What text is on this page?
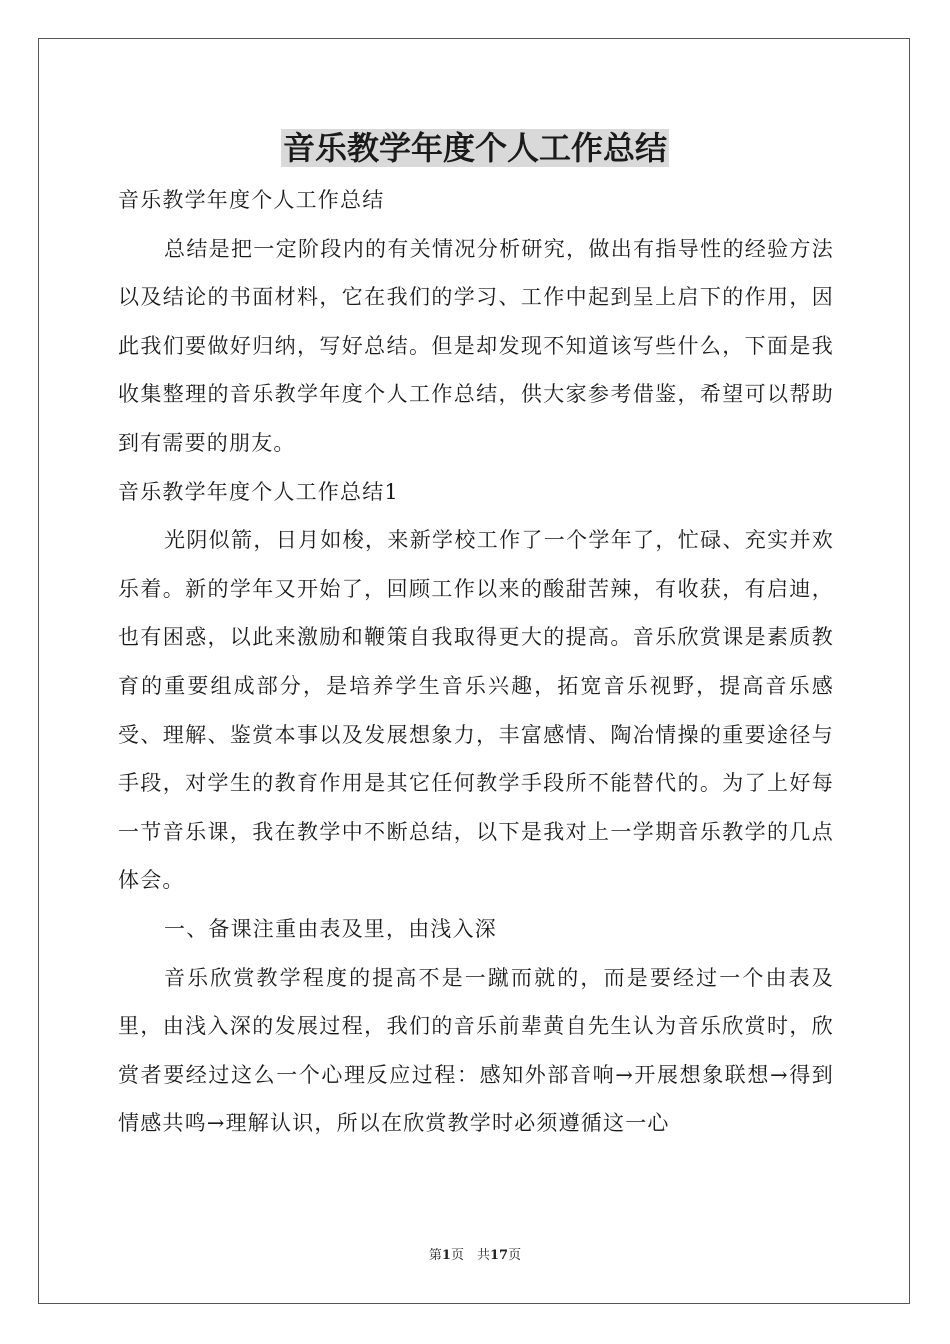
音乐教学年度个人工作总结

音乐教学年度个人工作总结

总结是把一定阶段内的有关情况分析研究，做出有指导性的经验方法以及结论的书面材料，它在我们的学习、工作中起到呈上启下的作用，因此我们要做好归纳，写好总结。但是却发现不知道该写些什么，下面是我收集整理的音乐教学年度个人工作总结，供大家参考借鉴，希望可以帮助到有需要的朋友。

音乐教学年度个人工作总结1

光阴似箭，日月如梭，来新学校工作了一个学年了，忙碌、充实并欢乐着。新的学年又开始了，回顾工作以来的酸甜苦辣，有收获，有启迪，也有困惑，以此来激励和鞭策自我取得更大的提高。音乐欣赏课是素质教育的重要组成部分，是培养学生音乐兴趣，拓宽音乐视野，提高音乐感受、理解、鉴赏本事以及发展想象力，丰富感情、陶冶情操的重要途径与手段，对学生的教育作用是其它任何教学手段所不能替代的。为了上好每一节音乐课，我在教学中不断总结，以下是我对上一学期音乐教学的几点体会。

一、备课注重由表及里，由浅入深

音乐欣赏教学程度的提高不是一蹴而就的，而是要经过一个由表及里，由浅入深的发展过程，我们的音乐前辈黄自先生认为音乐欣赏时，欣赏者要经过这么一个心理反应过程：感知外部音响→开展想象联想→得到情感共鸣→理解认识，所以在欣赏教学时必须遵循这一心

第1页　共17页
